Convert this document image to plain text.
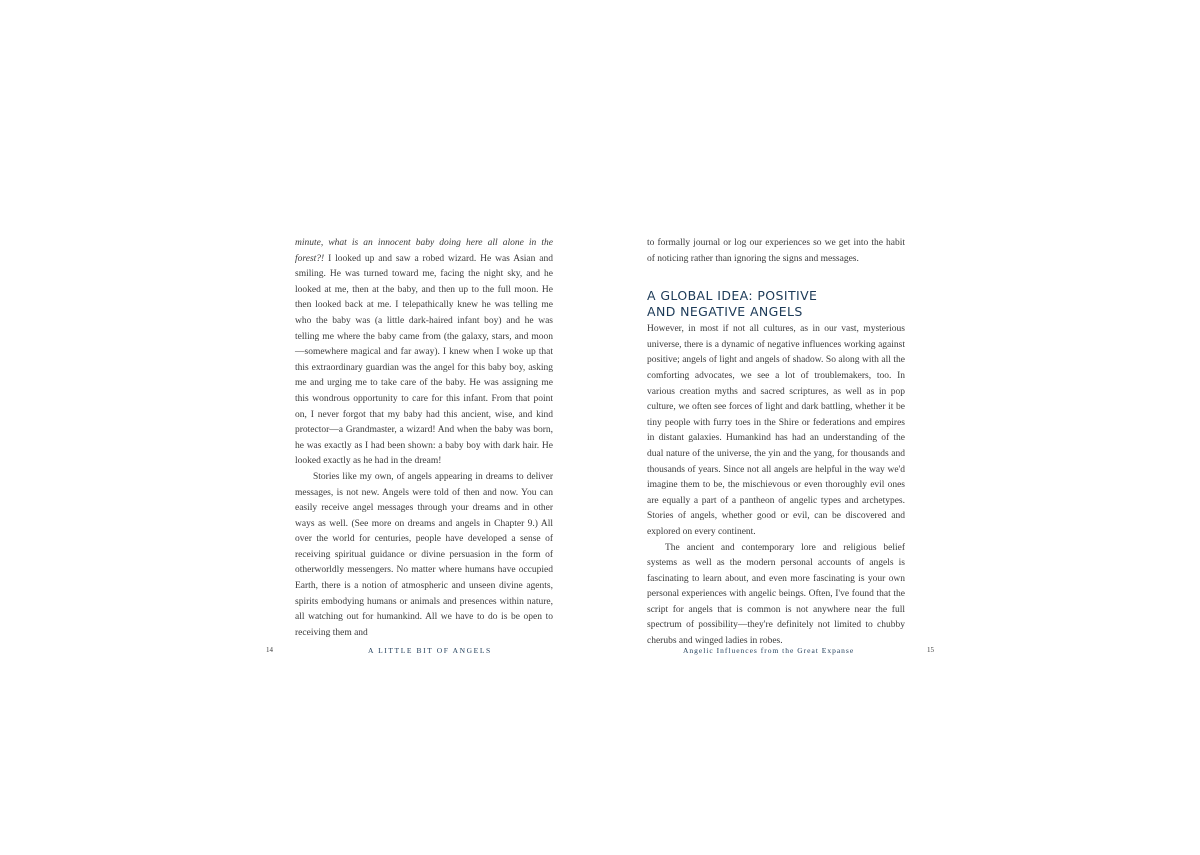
minute, what is an innocent baby doing here all alone in the forest?! I looked up and saw a robed wizard. He was Asian and smiling. He was turned toward me, facing the night sky, and he looked at me, then at the baby, and then up to the full moon. He then looked back at me. I telepathically knew he was telling me who the baby was (a little dark-haired infant boy) and he was telling me where the baby came from (the galaxy, stars, and moon—somewhere magical and far away). I knew when I woke up that this extraordinary guardian was the angel for this baby boy, asking me and urging me to take care of the baby. He was assigning me this wondrous opportunity to care for this infant. From that point on, I never forgot that my baby had this ancient, wise, and kind protector—a Grandmaster, a wizard! And when the baby was born, he was exactly as I had been shown: a baby boy with dark hair. He looked exactly as he had in the dream!

Stories like my own, of angels appearing in dreams to deliver messages, is not new. Angels were told of then and now. You can easily receive angel messages through your dreams and in other ways as well. (See more on dreams and angels in Chapter 9.) All over the world for centuries, people have developed a sense of receiving spiritual guidance or divine persuasion in the form of otherworldly messengers. No matter where humans have occupied Earth, there is a notion of atmospheric and unseen divine agents, spirits embodying humans or animals and presences within nature, all watching out for humankind. All we have to do is be open to receiving them and

to formally journal or log our experiences so we get into the habit of noticing rather than ignoring the signs and messages.

A GLOBAL IDEA: POSITIVE
AND NEGATIVE ANGELS

However, in most if not all cultures, as in our vast, mysterious universe, there is a dynamic of negative influences working against positive; angels of light and angels of shadow. So along with all the comforting advocates, we see a lot of troublemakers, too. In various creation myths and sacred scriptures, as well as in pop culture, we often see forces of light and dark battling, whether it be tiny people with furry toes in the Shire or federations and empires in distant galaxies. Humankind has had an understanding of the dual nature of the universe, the yin and the yang, for thousands and thousands of years. Since not all angels are helpful in the way we'd imagine them to be, the mischievous or even thoroughly evil ones are equally a part of a pantheon of angelic types and archetypes. Stories of angels, whether good or evil, can be discovered and explored on every continent.

The ancient and contemporary lore and religious belief systems as well as the modern personal accounts of angels is fascinating to learn about, and even more fascinating is your own personal experiences with angelic beings. Often, I've found that the script for angels that is common is not anywhere near the full spectrum of possibility—they're definitely not limited to chubby cherubs and winged ladies in robes.

14	A LITTLE BIT OF ANGELS	Angelic Influences from the Great Expanse	15
